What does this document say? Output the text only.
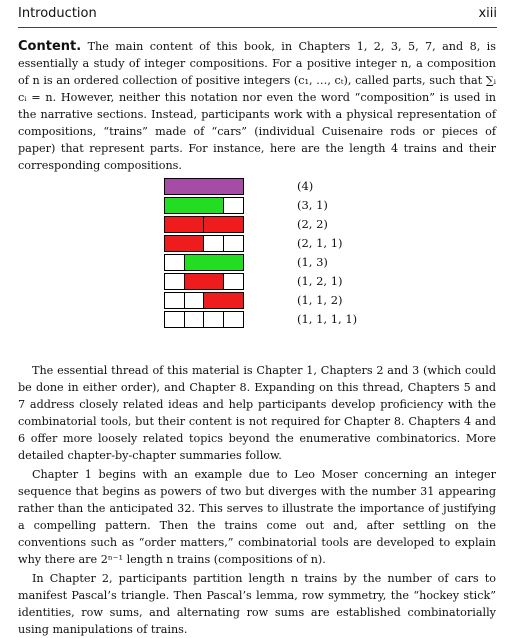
Introduction	xiii

Content. The main content of this book, in Chapters 1, 2, 3, 5, 7, and 8, is essentially a study of integer compositions. For a positive integer n, a composition of n is an ordered collection of positive integers (c₁, …, cₜ), called parts, such that ∑ᵢ cᵢ = n. However, neither this notation nor even the word “composition” is used in the narrative sections. Instead, participants work with a physical representation of compositions, “trains” made of “cars” (individual Cuisenaire rods or pieces of paper) that represent parts. For instance, here are the length 4 trains and their corresponding compositions.

(4)
(3, 1)
(2, 2)
(2, 1, 1)
(1, 3)
(1, 2, 1)
(1, 1, 2)
(1, 1, 1, 1)

The essential thread of this material is Chapter 1, Chapters 2 and 3 (which could be done in either order), and Chapter 8. Expanding on this thread, Chapters 5 and 7 address closely related ideas and help participants develop proficiency with the combinatorial tools, but their content is not required for Chapter 8. Chapters 4 and 6 offer more loosely related topics beyond the enumerative combinatorics. More detailed chapter-by-chapter summaries follow.

Chapter 1 begins with an example due to Leo Moser concerning an integer sequence that begins as powers of two but diverges with the number 31 appearing rather than the anticipated 32. This serves to illustrate the importance of justifying a compelling pattern. Then the trains come out and, after settling on the conventions such as “order matters,” combinatorial tools are developed to explain why there are 2ⁿ⁻¹ length n trains (compositions of n).

In Chapter 2, participants partition length n trains by the number of cars to manifest Pascal’s triangle. Then Pascal’s lemma, row symmetry, the “hockey stick” identities, row sums, and alternating row sums are established combinatorially using manipulations of trains.
